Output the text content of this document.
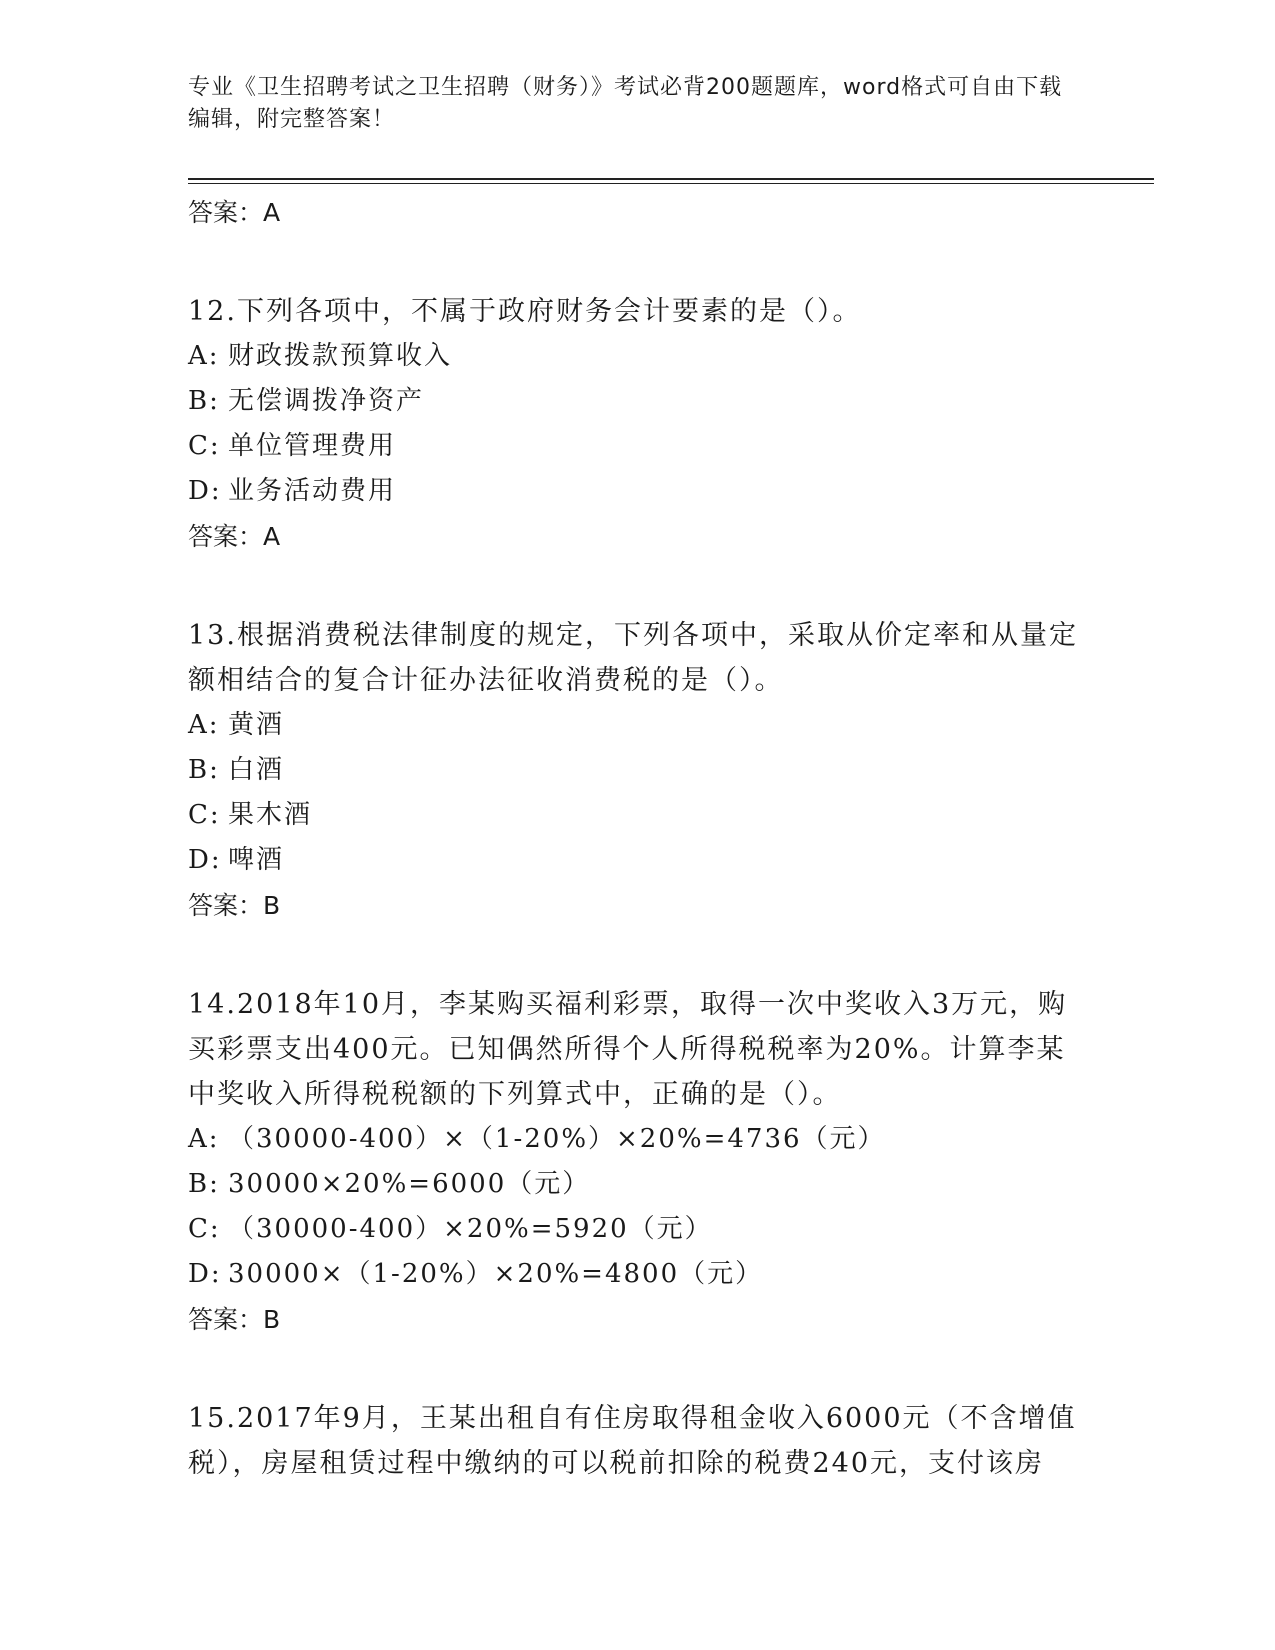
专业《卫生招聘考试之卫生招聘（财务）》考试必背200题题库，word格式可自由下载编辑，附完整答案！

答案：A

12.下列各项中，不属于政府财务会计要素的是（）。

A: 财政拨款预算收入

B: 无偿调拨净资产

C: 单位管理费用

D: 业务活动费用

答案：A

13.根据消费税法律制度的规定，下列各项中，采取从价定率和从量定额相结合的复合计征办法征收消费税的是（）。

A: 黄酒

B: 白酒

C: 果木酒

D: 啤酒

答案：B

14.2018年10月，李某购买福利彩票，取得一次中奖收入3万元，购买彩票支出400元。已知偶然所得个人所得税税率为20%。计算李某中奖收入所得税税额的下列算式中，正确的是（）。

A: （30000-400）×（1-20%）×20%=4736（元）

B: 30000×20%=6000（元）

C: （30000-400）×20%=5920（元）

D: 30000×（1-20%）×20%=4800（元）

答案：B

15.2017年9月，王某出租自有住房取得租金收入6000元（不含增值税），房屋租赁过程中缴纳的可以税前扣除的税费240元，支付该房
